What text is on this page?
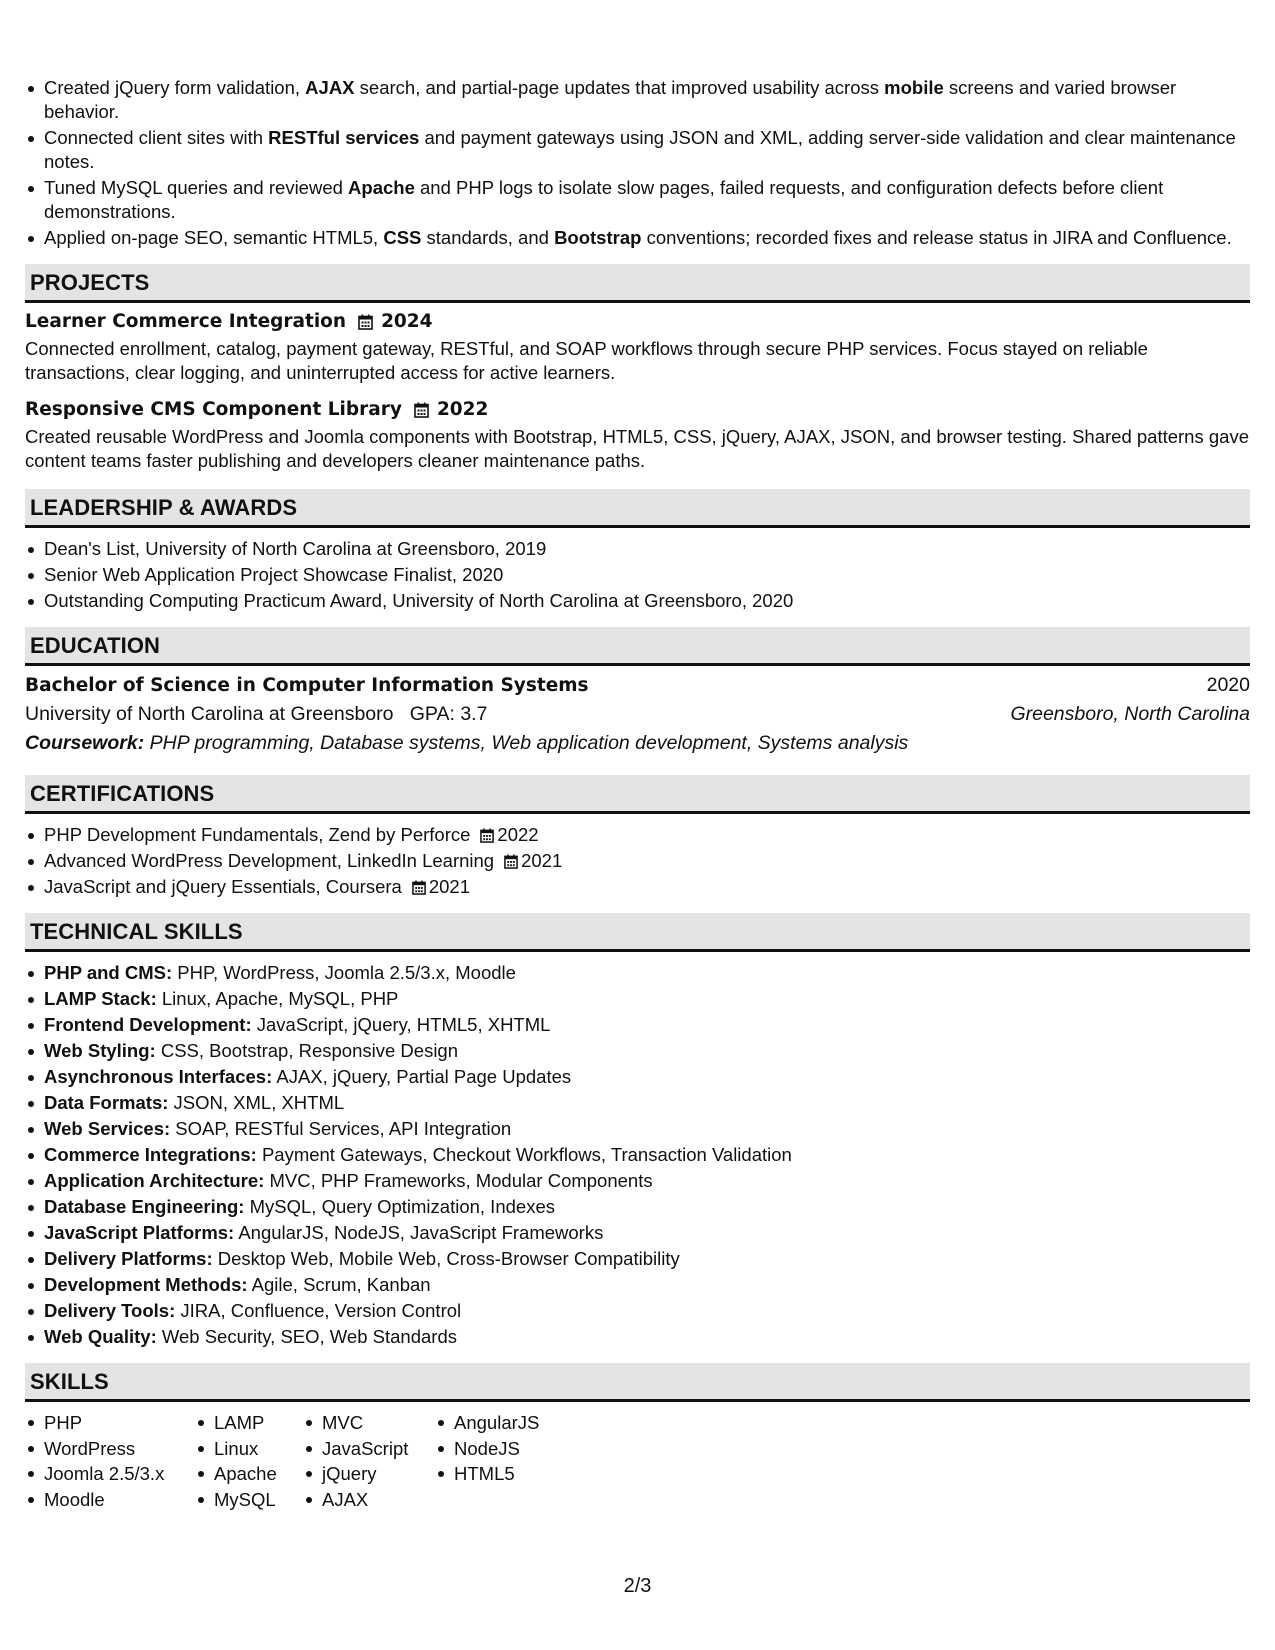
Created jQuery form validation, AJAX search, and partial-page updates that improved usability across mobile screens and varied browser behavior.
Connected client sites with RESTful services and payment gateways using JSON and XML, adding server-side validation and clear maintenance notes.
Tuned MySQL queries and reviewed Apache and PHP logs to isolate slow pages, failed requests, and configuration defects before client demonstrations.
Applied on-page SEO, semantic HTML5, CSS standards, and Bootstrap conventions; recorded fixes and release status in JIRA and Confluence.
PROJECTS
Learner Commerce Integration 2024
Connected enrollment, catalog, payment gateway, RESTful, and SOAP workflows through secure PHP services. Focus stayed on reliable transactions, clear logging, and uninterrupted access for active learners.
Responsive CMS Component Library 2022
Created reusable WordPress and Joomla components with Bootstrap, HTML5, CSS, jQuery, AJAX, JSON, and browser testing. Shared patterns gave content teams faster publishing and developers cleaner maintenance paths.
LEADERSHIP & AWARDS
Dean's List, University of North Carolina at Greensboro, 2019
Senior Web Application Project Showcase Finalist, 2020
Outstanding Computing Practicum Award, University of North Carolina at Greensboro, 2020
EDUCATION
Bachelor of Science in Computer Information Systems	2020
University of North Carolina at Greensboro GPA: 3.7	Greensboro, North Carolina
Coursework: PHP programming, Database systems, Web application development, Systems analysis
CERTIFICATIONS
PHP Development Fundamentals, Zend by Perforce 2022
Advanced WordPress Development, LinkedIn Learning 2021
JavaScript and jQuery Essentials, Coursera 2021
TECHNICAL SKILLS
PHP and CMS: PHP, WordPress, Joomla 2.5/3.x, Moodle
LAMP Stack: Linux, Apache, MySQL, PHP
Frontend Development: JavaScript, jQuery, HTML5, XHTML
Web Styling: CSS, Bootstrap, Responsive Design
Asynchronous Interfaces: AJAX, jQuery, Partial Page Updates
Data Formats: JSON, XML, XHTML
Web Services: SOAP, RESTful Services, API Integration
Commerce Integrations: Payment Gateways, Checkout Workflows, Transaction Validation
Application Architecture: MVC, PHP Frameworks, Modular Components
Database Engineering: MySQL, Query Optimization, Indexes
JavaScript Platforms: AngularJS, NodeJS, JavaScript Frameworks
Delivery Platforms: Desktop Web, Mobile Web, Cross-Browser Compatibility
Development Methods: Agile, Scrum, Kanban
Delivery Tools: JIRA, Confluence, Version Control
Web Quality: Web Security, SEO, Web Standards
SKILLS
PHP
WordPress
Joomla 2.5/3.x
Moodle
LAMP
Linux
Apache
MySQL
MVC
JavaScript
jQuery
AJAX
AngularJS
NodeJS
HTML5
2/3
